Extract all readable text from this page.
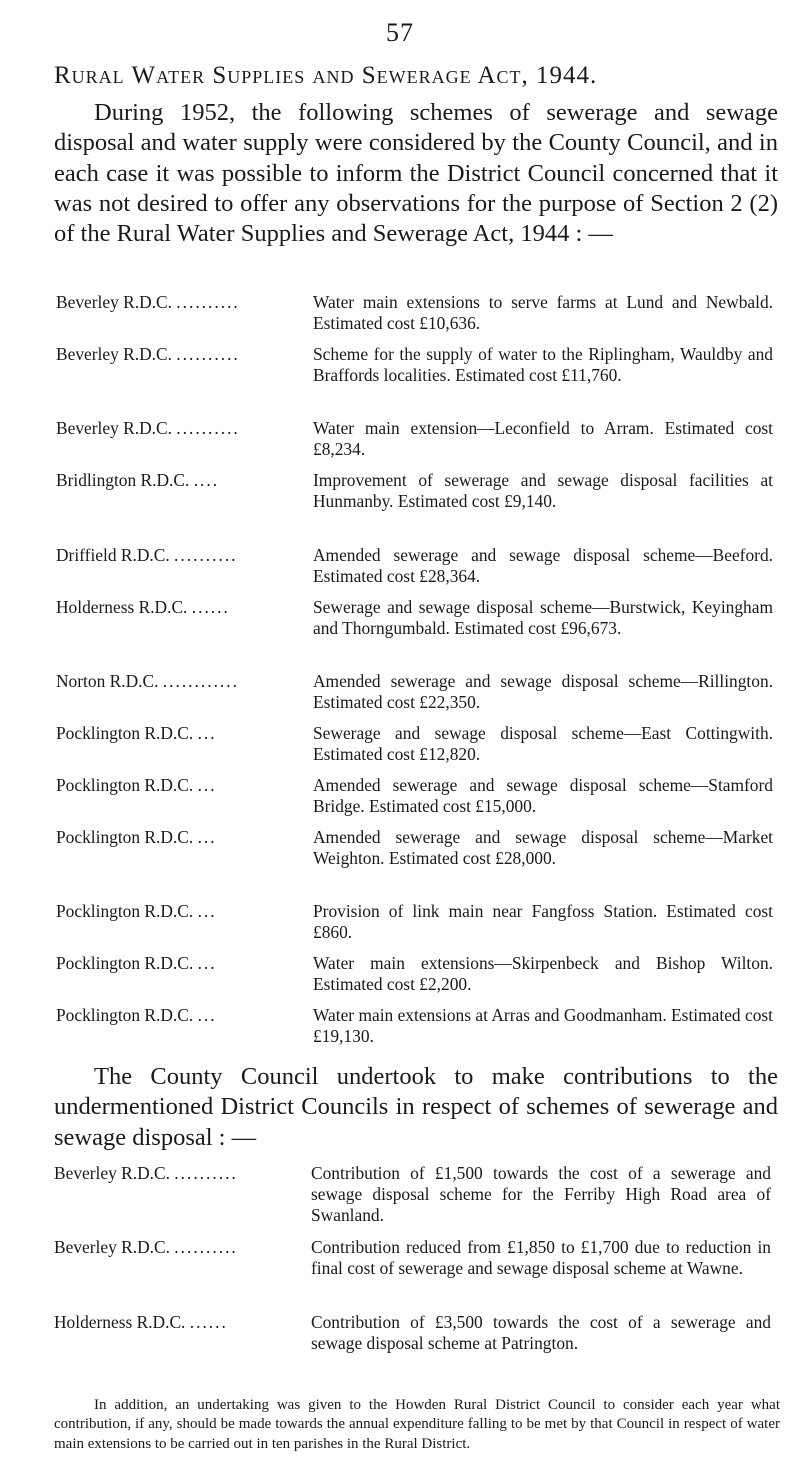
57
Rural Water Supplies and Sewerage Act, 1944.
During 1952, the following schemes of sewerage and sewage disposal and water supply were considered by the County Council, and in each case it was possible to inform the District Council concerned that it was not desired to offer any observations for the purpose of Section 2 (2) of the Rural Water Supplies and Sewerage Act, 1944 : —
Beverley R.D.C. ..........	Water main extensions to serve farms at Lund and Newbald. Estimated cost £10,636.
Beverley R.D.C. ..........	Scheme for the supply of water to the Riplingham, Wauldby and Braffords localities. Estimated cost £11,760.
Beverley R.D.C. ..........	Water main extension—Leconfield to Arram. Estimated cost £8,234.
Bridlington R.D.C. ....	Improvement of sewerage and sewage disposal facilities at Hunmanby. Estimated cost £9,140.
Driffield R.D.C. ..........	Amended sewerage and sewage disposal scheme—Beeford. Estimated cost £28,364.
Holderness R.D.C. ......	Sewerage and sewage disposal scheme—Burstwick, Keyingham and Thorngumbald. Estimated cost £96,673.
Norton R.D.C. ............	Amended sewerage and sewage disposal scheme—Rillington. Estimated cost £22,350.
Pocklington R.D.C. ...	Sewerage and sewage disposal scheme—East Cottingwith. Estimated cost £12,820.
Pocklington R.D.C. ...	Amended sewerage and sewage disposal scheme—Stamford Bridge. Estimated cost £15,000.
Pocklington R.D.C. ...	Amended sewerage and sewage disposal scheme—Market Weighton. Estimated cost £28,000.
Pocklington R.D.C. ...	Provision of link main near Fangfoss Station. Estimated cost £860.
Pocklington R.D.C. ...	Water main extensions—Skirpenbeck and Bishop Wilton. Estimated cost £2,200.
Pocklington R.D.C. ...	Water main extensions at Arras and Goodmanham. Estimated cost £19,130.
The County Council undertook to make contributions to the undermentioned District Councils in respect of schemes of sewerage and sewage disposal : —
Beverley R.D.C. ..........	Contribution of £1,500 towards the cost of a sewerage and sewage disposal scheme for the Ferriby High Road area of Swanland.
Beverley R.D.C. ..........	Contribution reduced from £1,850 to £1,700 due to reduction in final cost of sewerage and sewage disposal scheme at Wawne.
Holderness R.D.C. ......	Contribution of £3,500 towards the cost of a sewerage and sewage disposal scheme at Patrington.
In addition, an undertaking was given to the Howden Rural District Council to consider each year what contribution, if any, should be made towards the annual expenditure falling to be met by that Council in respect of water main extensions to be carried out in ten parishes in the Rural District.
